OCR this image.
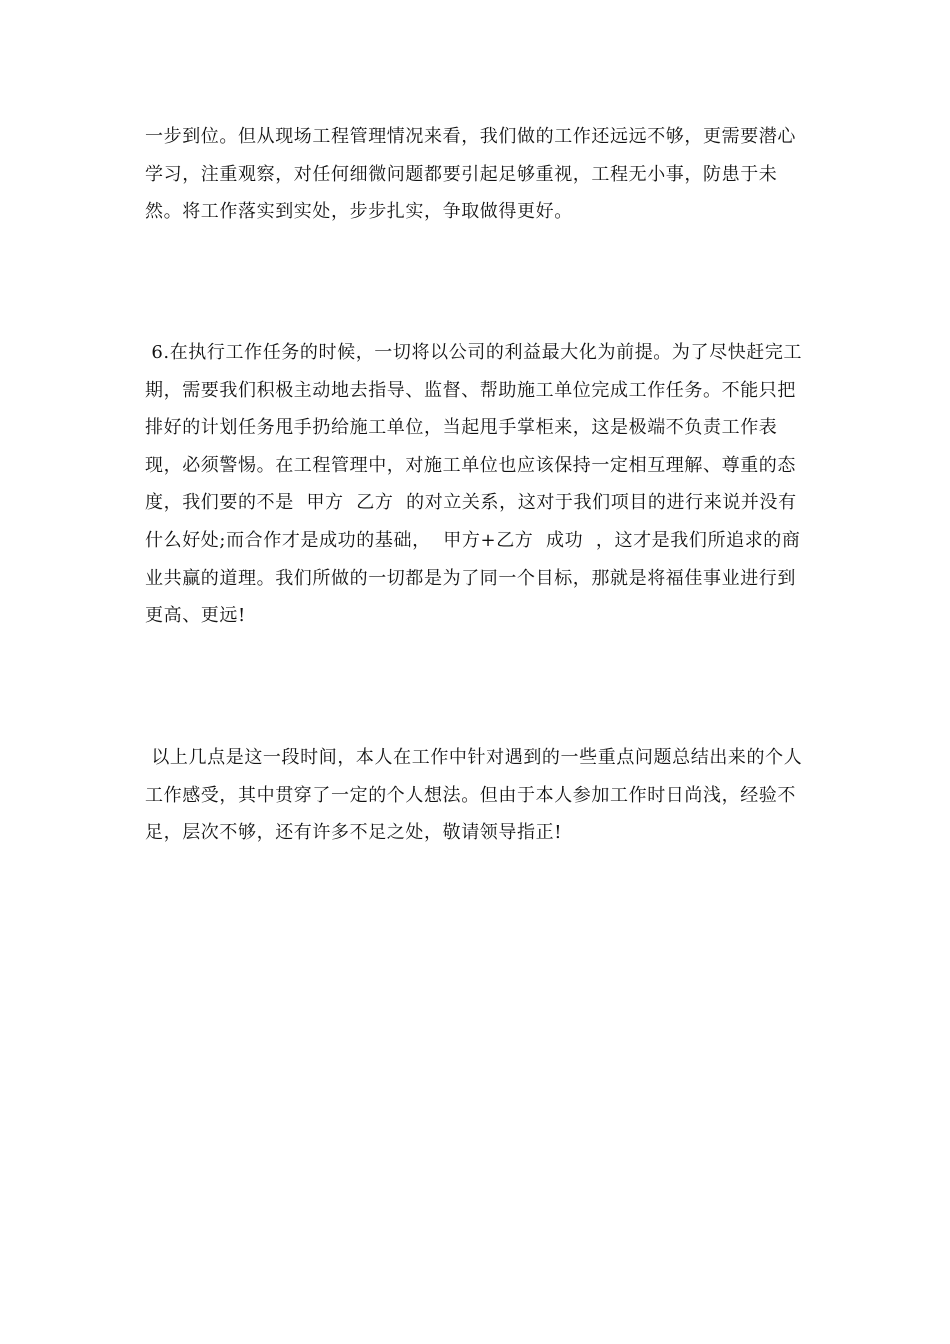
一步到位。但从现场工程管理情况来看，我们做的工作还远远不够，更需要潜心学习，注重观察，对任何细微问题都要引起足够重视，工程无小事，防患于未然。将工作落实到实处，步步扎实，争取做得更好。

6.在执行工作任务的时候，一切将以公司的利益最大化为前提。为了尽快赶完工期，需要我们积极主动地去指导、监督、帮助施工单位完成工作任务。不能只把排好的计划任务甩手扔给施工单位，当起甩手掌柜来，这是极端不负责工作表现，必须警惕。在工程管理中，对施工单位也应该保持一定相互理解、尊重的态度，我们要的不是  甲方  乙方  的对立关系，这对于我们项目的进行来说并没有什么好处;而合作才是成功的基础，  甲方+乙方  成功  ，这才是我们所追求的商业共赢的道理。我们所做的一切都是为了同一个目标，那就是将福佳事业进行到更高、更远!

以上几点是这一段时间，本人在工作中针对遇到的一些重点问题总结出来的个人工作感受，其中贯穿了一定的个人想法。但由于本人参加工作时日尚浅，经验不足，层次不够，还有许多不足之处，敬请领导指正!
